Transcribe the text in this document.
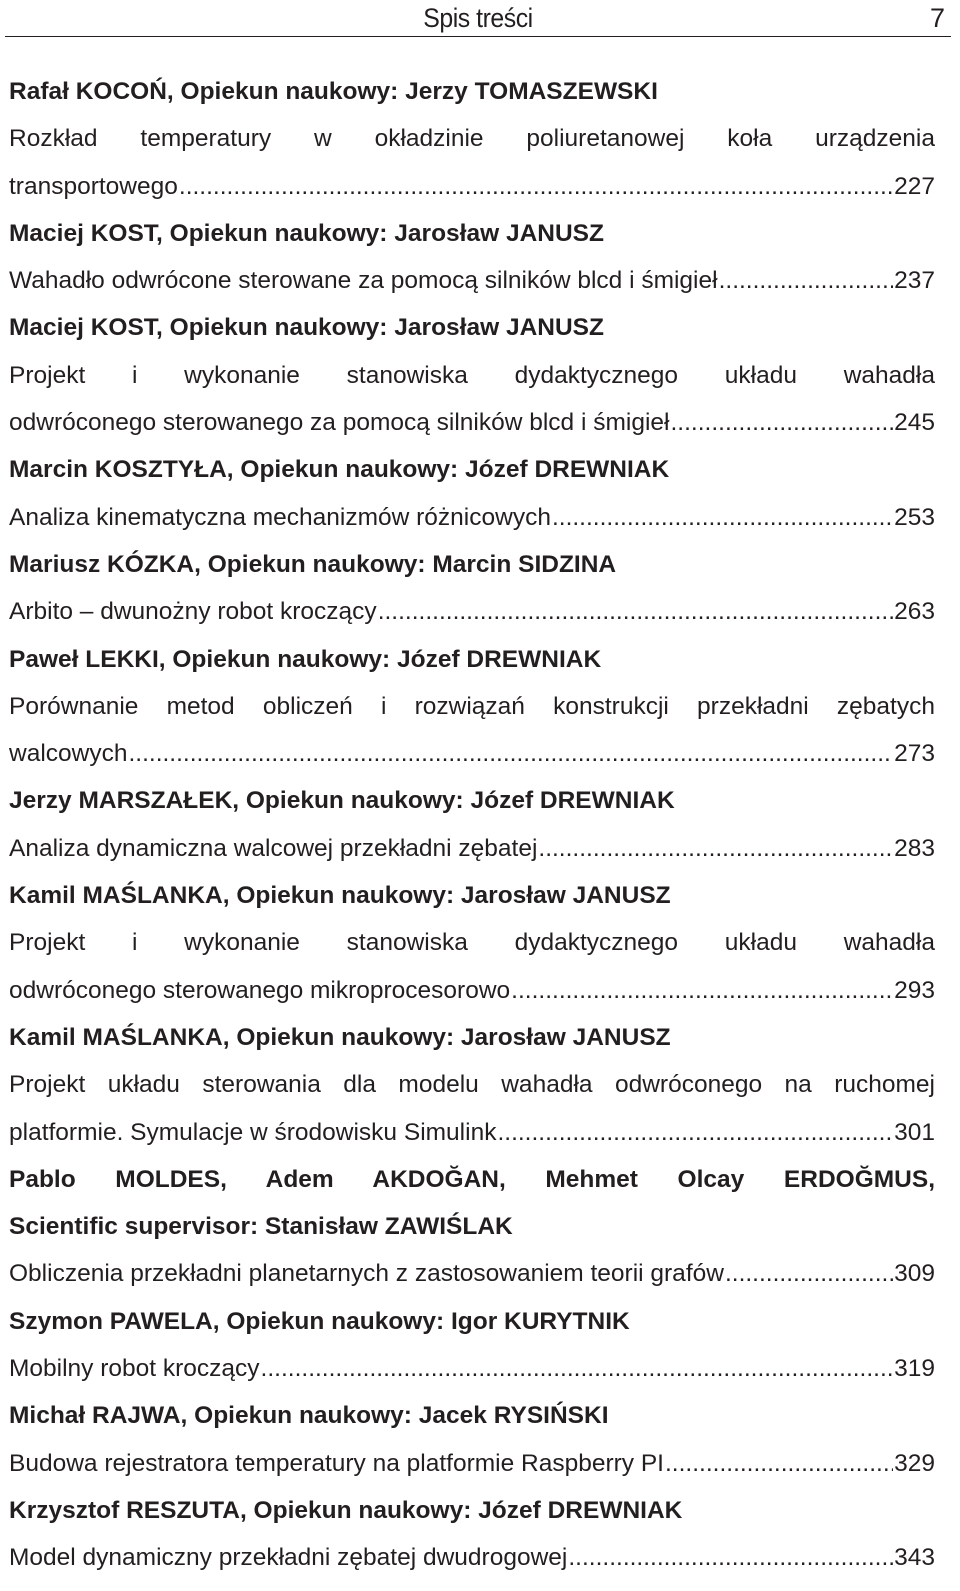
Spis treści	7
Rafał KOCOŃ, Opiekun naukowy: Jerzy TOMASZEWSKI
Rozkład temperatury w okładzinie poliuretanowej koła urządzenia
transportowego .....	227
Maciej KOST, Opiekun naukowy: Jarosław JANUSZ
Wahadło odwrócone sterowane za pomocą silników blcd i śmigieł .....	237
Maciej KOST, Opiekun naukowy: Jarosław JANUSZ
Projekt i wykonanie stanowiska dydaktycznego układu wahadła
odwróconego sterowanego za pomocą silników blcd i śmigieł .....	245
Marcin KOSZTYŁA, Opiekun naukowy: Józef DREWNIAK
Analiza kinematyczna mechanizmów różnicowych .....	253
Mariusz KÓZKA, Opiekun naukowy: Marcin SIDZINA
Arbito – dwunożny robot kroczący .....	263
Paweł LEKKI, Opiekun naukowy: Józef DREWNIAK
Porównanie metod obliczeń i rozwiązań konstrukcji przekładni zębatych
walcowych .....	273
Jerzy MARSZAŁEK, Opiekun naukowy: Józef DREWNIAK
Analiza dynamiczna walcowej przekładni zębatej .....	283
Kamil MAŚLANKA, Opiekun naukowy: Jarosław JANUSZ
Projekt i wykonanie stanowiska dydaktycznego układu wahadła
odwróconego sterowanego mikroprocesorowo .....	293
Kamil MAŚLANKA, Opiekun naukowy: Jarosław JANUSZ
Projekt układu sterowania dla modelu wahadła odwróconego na ruchomej
platformie. Symulacje w środowisku Simulink .....	301
Pablo MOLDES, Adem AKDOĞAN, Mehmet Olcay ERDOĞMUS,
Scientific supervisor: Stanisław ZAWIŚLAK
Obliczenia przekładni planetarnych z zastosowaniem teorii grafów .....	309
Szymon PAWELA, Opiekun naukowy: Igor KURYTNIK
Mobilny robot kroczący .....	319
Michał RAJWA, Opiekun naukowy: Jacek RYSIŃSKI
Budowa rejestratora temperatury na platformie Raspberry PI .....	329
Krzysztof RESZUTA, Opiekun naukowy: Józef DREWNIAK
Model dynamiczny przekładni zębatej dwudrogowej .....	343
